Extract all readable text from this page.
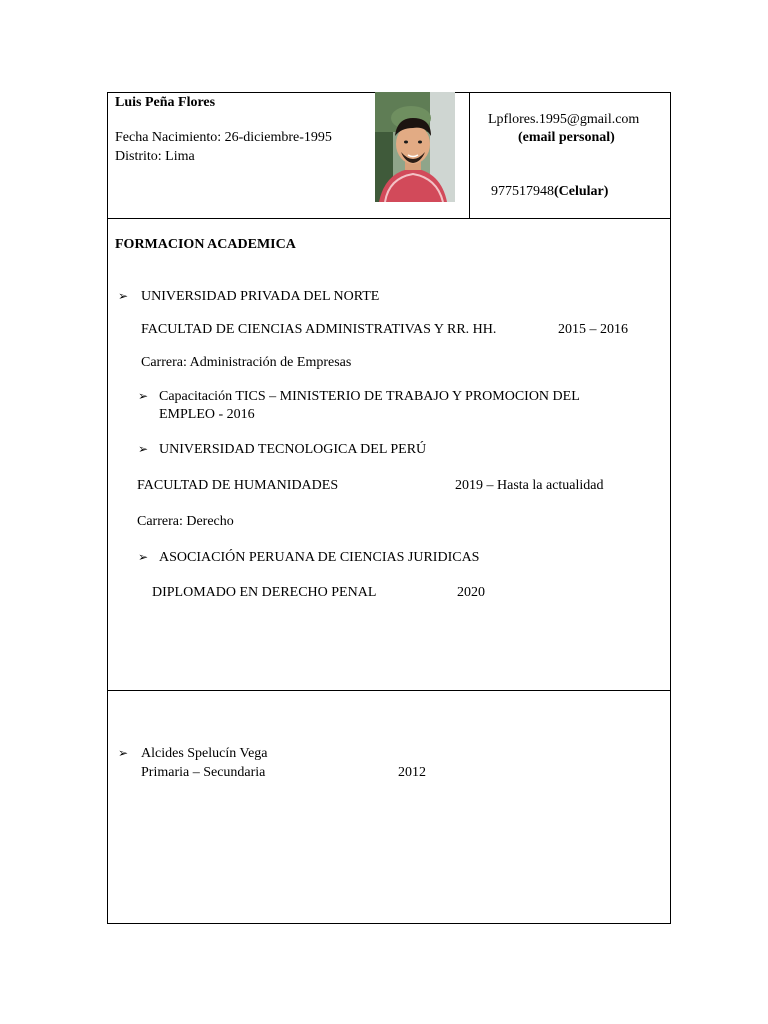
Luis Peña Flores
Fecha Nacimiento: 26-diciembre-1995
Distrito: Lima
Lpflores.1995@gmail.com
(email personal)
977517948(Celular)
FORMACION ACADEMICA
➢ UNIVERSIDAD PRIVADA DEL NORTE
FACULTAD DE CIENCIAS ADMINISTRATIVAS Y RR. HH.	2015 – 2016
Carrera: Administración de Empresas
➢ Capacitación TICS – MINISTERIO DE TRABAJO Y PROMOCION DEL
EMPLEO - 2016
➢ UNIVERSIDAD TECNOLOGICA DEL PERÚ
FACULTAD DE HUMANIDADES	2019 – Hasta la actualidad
Carrera: Derecho
➢ ASOCIACIÓN PERUANA DE CIENCIAS JURIDICAS
DIPLOMADO EN DERECHO PENAL	2020
➢ Alcides Spelucín Vega
Primaria – Secundaria	2012
